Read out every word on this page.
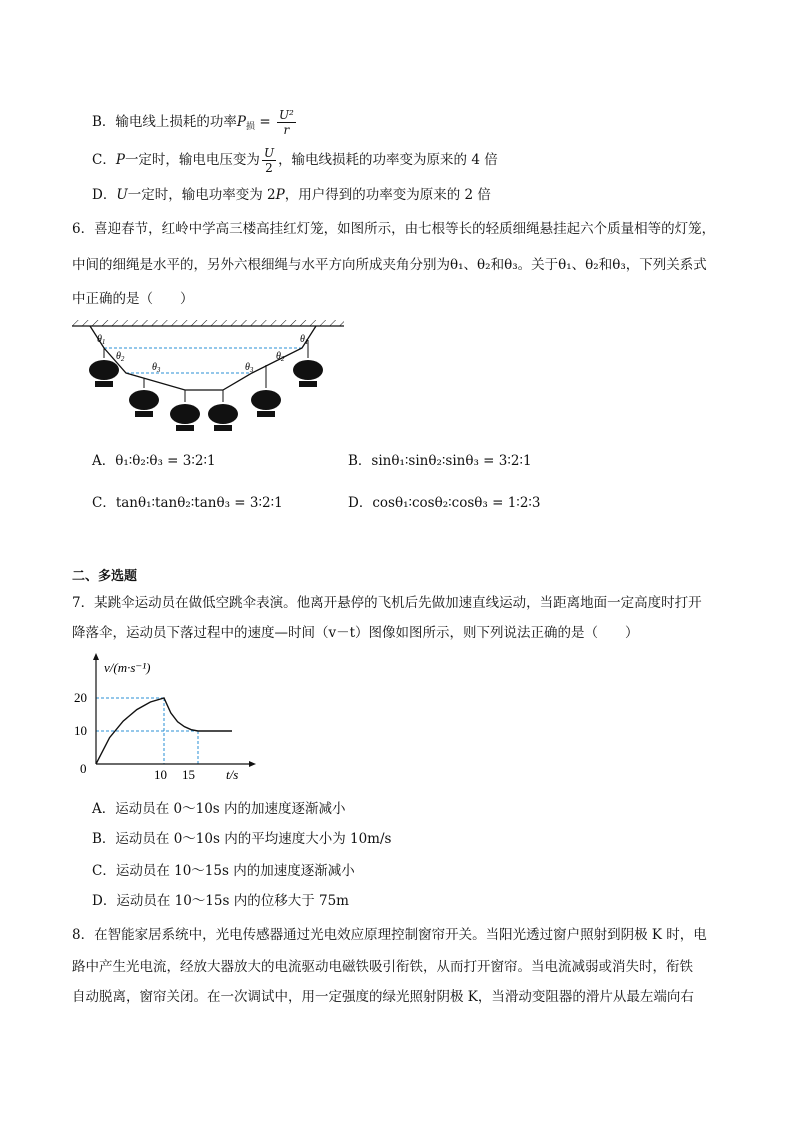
B．输电线上损耗的功率$P_损 = \frac{\text{U²}}{r}$
C．P一定时，输电电压变为 $\frac{U}{2}$ ，输电线损耗的功率变为原来的 4 倍
D．U一定时，输电功率变为 2P，用户得到的功率变为原来的 2 倍
6．喜迎春节，红岭中学高三楼高挂红灯笼，如图所示，由七根等长的轻质细绳悬挂起六个质量相等的灯笼，
中间的细绳是水平的，另外六根细绳与水平方向所成夹角分别为θ₁、θ₂和θ₃。关于θ₁、θ₂和θ₃，下列关系式
中正确的是（　　）
$\theta_1$
$\theta_2$
$\theta_3$	$\theta_3$
$\theta_2$
$\theta_1$
A．θ₁∶θ₂∶θ₃ = 3∶2∶1	B．sinθ₁∶sinθ₂∶sinθ₃ = 3∶2∶1
C．tanθ₁∶tanθ₂∶tanθ₃ = 3∶2∶1	D．cosθ₁∶cosθ₂∶cosθ₃ = 1∶2∶3
二、多选题
7．某跳伞运动员在做低空跳伞表演。他离开悬停的飞机后先做加速直线运动，当距离地面一定高度时打开
降落伞，运动员下落过程中的速度—时间（v－t）图像如图所示，则下列说法正确的是（　　）
v/(m·s⁻¹)
0
20
10
10 15 t/s
A．运动员在 0～10s 内的加速度逐渐减小
B．运动员在 0～10s 内的平均速度大小为 10m/s
C．运动员在 10～15s 内的加速度逐渐减小
D．运动员在 10～15s 内的位移大于 75m
8．在智能家居系统中，光电传感器通过光电效应原理控制窗帘开关。当阳光透过窗户照射到阴极 K 时，电
路中产生光电流，经放大器放大的电流驱动电磁铁吸引衔铁，从而打开窗帘。当电流减弱或消失时，衔铁
自动脱离，窗帘关闭。在一次调试中，用一定强度的绿光照射阴极 K，当滑动变阻器的滑片从最左端向右
